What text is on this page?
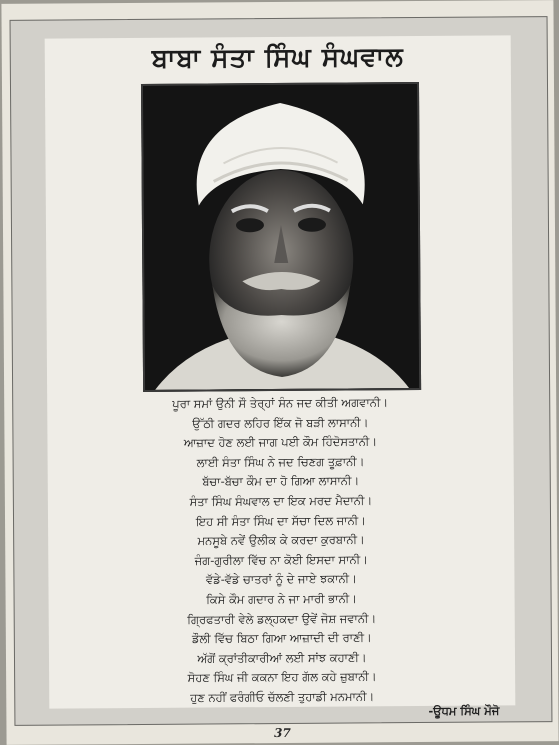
ਬਾਬਾ ਸੰਤਾ ਸਿੰਘ ਸੰਘਵਾਲ
ਪੂਰਾ ਸਮਾਂ ਉਨੀ ਸੌ ਤੇਰ੍ਹਾਂ ਸੰਨ ਜਦ ਕੀਤੀ ਅਗਵਾਨੀ।
ਉੱਠੀ ਗਦਰ ਲਹਿਰ ਇੱਕ ਜੋ ਬੜੀ ਲਾਸਾਨੀ।
ਆਜ਼ਾਦ ਹੋਣ ਲਈ ਜਾਗ ਪਈ ਕੌਮ ਹਿੰਦੋਸਤਾਨੀ।
ਲਾਈ ਸੰਤਾ ਸਿੰਘ ਨੇ ਜਦ ਚਿਣਗ ਤੂਫ਼ਾਨੀ।
ਬੱਚਾ-ਬੱਚਾ ਕੌਮ ਦਾ ਹੋ ਗਿਆ ਲਾਸਾਨੀ।
ਸੰਤਾ ਸਿੰਘ ਸੰਘਵਾਲ ਦਾ ਇਕ ਮਰਦ ਮੈਦਾਨੀ।
ਇਹ ਸੀ ਸੰਤਾ ਸਿੰਘ ਦਾ ਸੱਚਾ ਦਿਲ ਜਾਨੀ।
ਮਨਸੂਬੇ ਨਵੇਂ ਉਲੀਕ ਕੇ ਕਰਦਾ ਕੁਰਬਾਨੀ।
ਜੰਗ-ਗੁਰੀਲਾ ਵਿੱਚ ਨਾ ਕੋਈ ਇਸਦਾ ਸਾਨੀ।
ਵੱਡੇ-ਵੱਡੇ ਚਾਤਰਾਂ ਨੂੰ ਦੇ ਜਾਏ ਝਕਾਨੀ।
ਕਿਸੇ ਕੌਮ ਗਦਾਰ ਨੇ ਜਾ ਮਾਰੀ ਭਾਨੀ।
ਗ੍ਰਿਫਤਾਰੀ ਵੇਲੇ ਡਲ੍ਹਕਦਾ ਉਵੇਂ ਜੋਸ਼ ਜਵਾਨੀ।
ਡੌਲੀ ਵਿੱਚ ਬਿਠਾ ਗਿਆ ਆਜ਼ਾਦੀ ਦੀ ਰਾਣੀ।
ਅੱਗੋਂ ਕ੍ਰਾਂਤੀਕਾਰੀਆਂ ਲਈ ਸਾਂਝ ਕਹਾਣੀ।
ਸੋਹਣ ਸਿੰਘ ਜੀ ਕਕਨਾ ਇਹ ਗੱਲ ਕਹੇ ਜ਼ੁਬਾਨੀ।
ਹੁਣ ਨਹੀਂ ਫਰੰਗੀਓ ਚੱਲਣੀ ਤੁਹਾਡੀ ਮਨਮਾਨੀ।
-ਊਧਮ ਸਿੰਘ ਮੌਜੋ
37
